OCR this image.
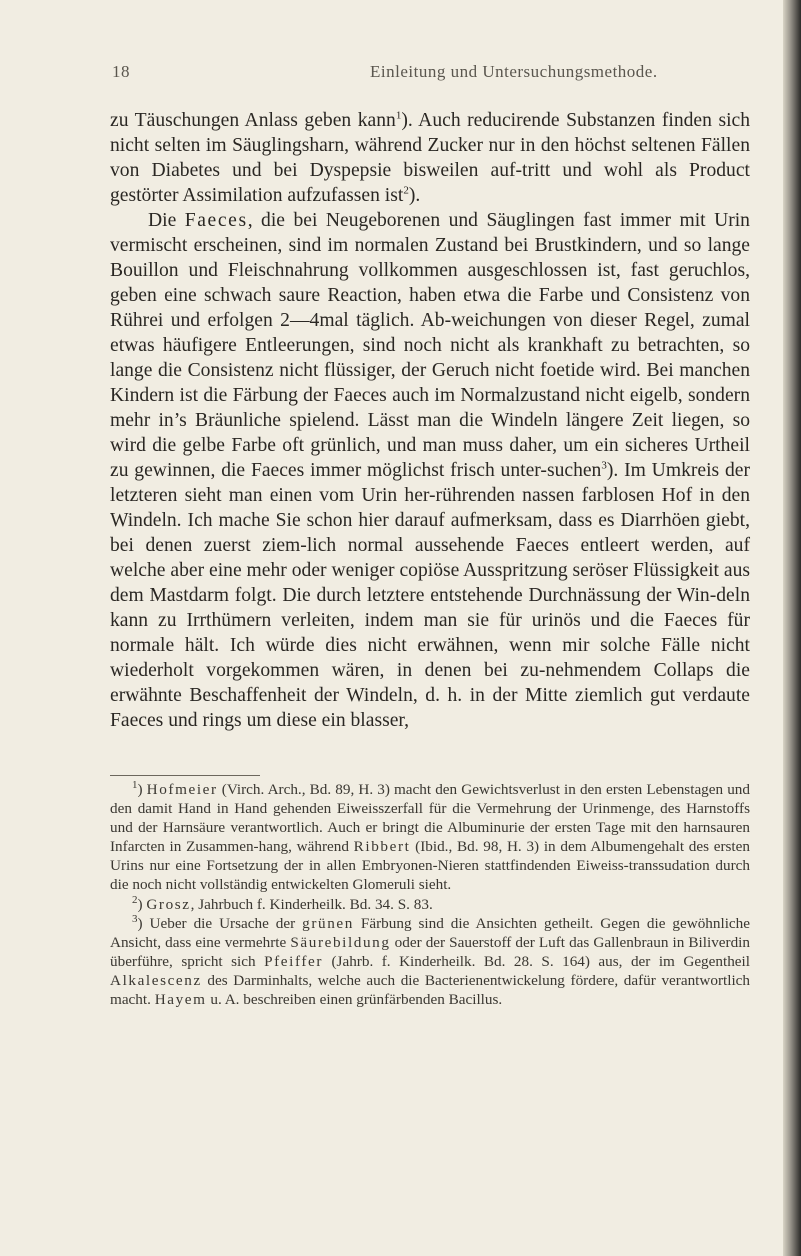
18	Einleitung und Untersuchungsmethode.

zu Täuschungen Anlass geben kann$^1$). Auch reducirende Substanzen finden sich nicht selten im Säuglingsharn, während Zucker nur in den höchst seltenen Fällen von Diabetes und bei Dyspepsie bisweilen auf-tritt und wohl als Product gestörter Assimilation aufzufassen ist$^2$).

Die Faeces, die bei Neugeborenen und Säuglingen fast immer mit Urin vermischt erscheinen, sind im normalen Zustand bei Brustkindern, und so lange Bouillon und Fleischnahrung vollkommen ausgeschlossen ist, fast geruchlos, geben eine schwach saure Reaction, haben etwa die Farbe und Consistenz von Rührei und erfolgen 2—4mal täglich. Ab-weichungen von dieser Regel, zumal etwas häufigere Entleerungen, sind noch nicht als krankhaft zu betrachten, so lange die Consistenz nicht flüssiger, der Geruch nicht foetide wird. Bei manchen Kindern ist die Färbung der Faeces auch im Normalzustand nicht eigelb, sondern mehr in’s Bräunliche spielend. Lässt man die Windeln längere Zeit liegen, so wird die gelbe Farbe oft grünlich, und man muss daher, um ein sicheres Urtheil zu gewinnen, die Faeces immer möglichst frisch unter-suchen$^3$). Im Umkreis der letzteren sieht man einen vom Urin her-rührenden nassen farblosen Hof in den Windeln. Ich mache Sie schon hier darauf aufmerksam, dass es Diarrhöen giebt, bei denen zuerst ziem-lich normal aussehende Faeces entleert werden, auf welche aber eine mehr oder weniger copiöse Ausspritzung seröser Flüssigkeit aus dem Mastdarm folgt. Die durch letztere entstehende Durchnässung der Win-deln kann zu Irrthümern verleiten, indem man sie für urinös und die Faeces für normale hält. Ich würde dies nicht erwähnen, wenn mir solche Fälle nicht wiederholt vorgekommen wären, in denen bei zu-nehmendem Collaps die erwähnte Beschaffenheit der Windeln, d. h. in der Mitte ziemlich gut verdaute Faeces und rings um diese ein blasser,

$^1$) Hofmeier (Virch. Arch., Bd. 89, H. 3) macht den Gewichtsverlust in den ersten Lebenstagen und den damit Hand in Hand gehenden Eiweisszerfall für die Vermehrung der Urinmenge, des Harnstoffs und der Harnsäure verantwortlich. Auch er bringt die Albuminurie der ersten Tage mit den harnsauren Infarcten in Zusammen-hang, während Ribbert (Ibid., Bd. 98, H. 3) in dem Albumengehalt des ersten Urins nur eine Fortsetzung der in allen Embryonen-Nieren stattfindenden Eiweiss-transsudation durch die noch nicht vollständig entwickelten Glomeruli sieht.

$^2$) Grosz, Jahrbuch f. Kinderheilk. Bd. 34. S. 83.

$^3$) Ueber die Ursache der grünen Färbung sind die Ansichten getheilt. Gegen die gewöhnliche Ansicht, dass eine vermehrte Säurebildung oder der Sauerstoff der Luft das Gallenbraun in Biliverdin überführe, spricht sich Pfeiffer (Jahrb. f. Kinderheilk. Bd. 28. S. 164) aus, der im Gegentheil Alkalescenz des Darminhalts, welche auch die Bacterienentwickelung fördere, dafür verantwortlich macht. Hayem u. A. beschreiben einen grünfärbenden Bacillus.
